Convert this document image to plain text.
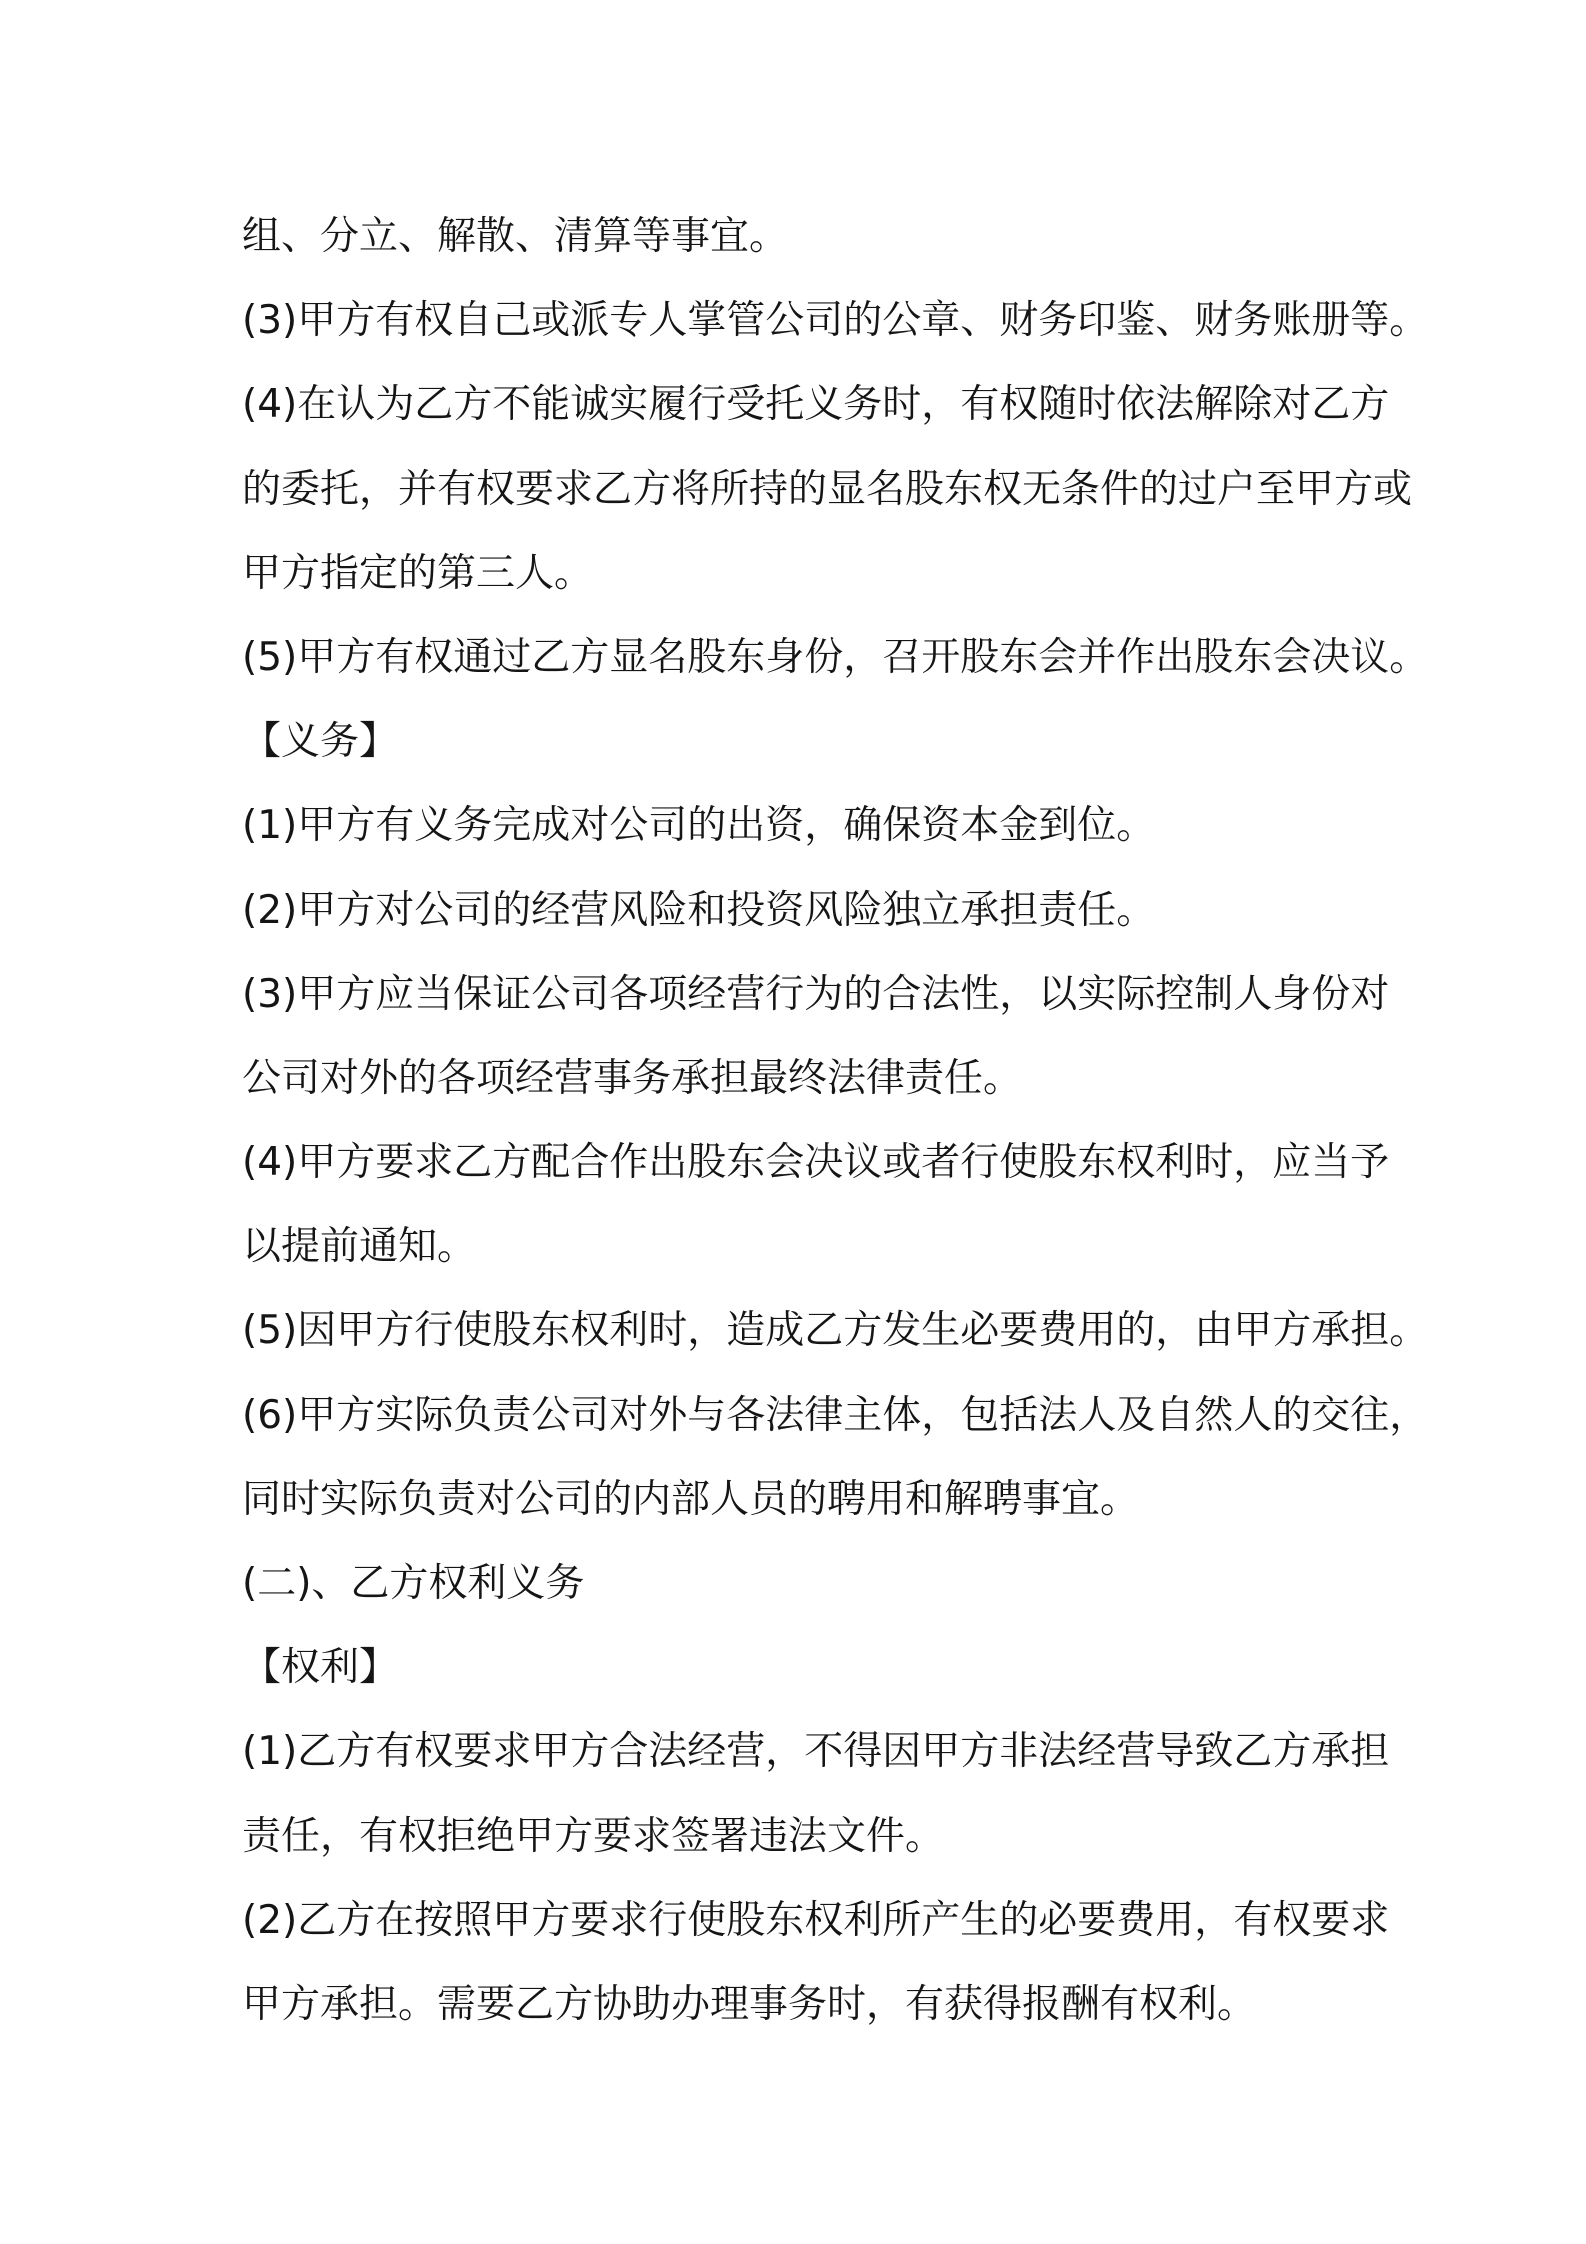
组、分立、解散、清算等事宜。
(3)甲方有权自己或派专人掌管公司的公章、财务印鉴、财务账册等。
(4)在认为乙方不能诚实履行受托义务时，有权随时依法解除对乙方
的委托，并有权要求乙方将所持的显名股东权无条件的过户至甲方或
甲方指定的第三人。
(5)甲方有权通过乙方显名股东身份，召开股东会并作出股东会决议。
【义务】
(1)甲方有义务完成对公司的出资，确保资本金到位。
(2)甲方对公司的经营风险和投资风险独立承担责任。
(3)甲方应当保证公司各项经营行为的合法性，以实际控制人身份对
公司对外的各项经营事务承担最终法律责任。
(4)甲方要求乙方配合作出股东会决议或者行使股东权利时，应当予
以提前通知。
(5)因甲方行使股东权利时，造成乙方发生必要费用的，由甲方承担。
(6)甲方实际负责公司对外与各法律主体，包括法人及自然人的交往，
同时实际负责对公司的内部人员的聘用和解聘事宜。
(二)、乙方权利义务
【权利】
(1)乙方有权要求甲方合法经营，不得因甲方非法经营导致乙方承担
责任，有权拒绝甲方要求签署违法文件。
(2)乙方在按照甲方要求行使股东权利所产生的必要费用，有权要求
甲方承担。需要乙方协助办理事务时，有获得报酬有权利。
